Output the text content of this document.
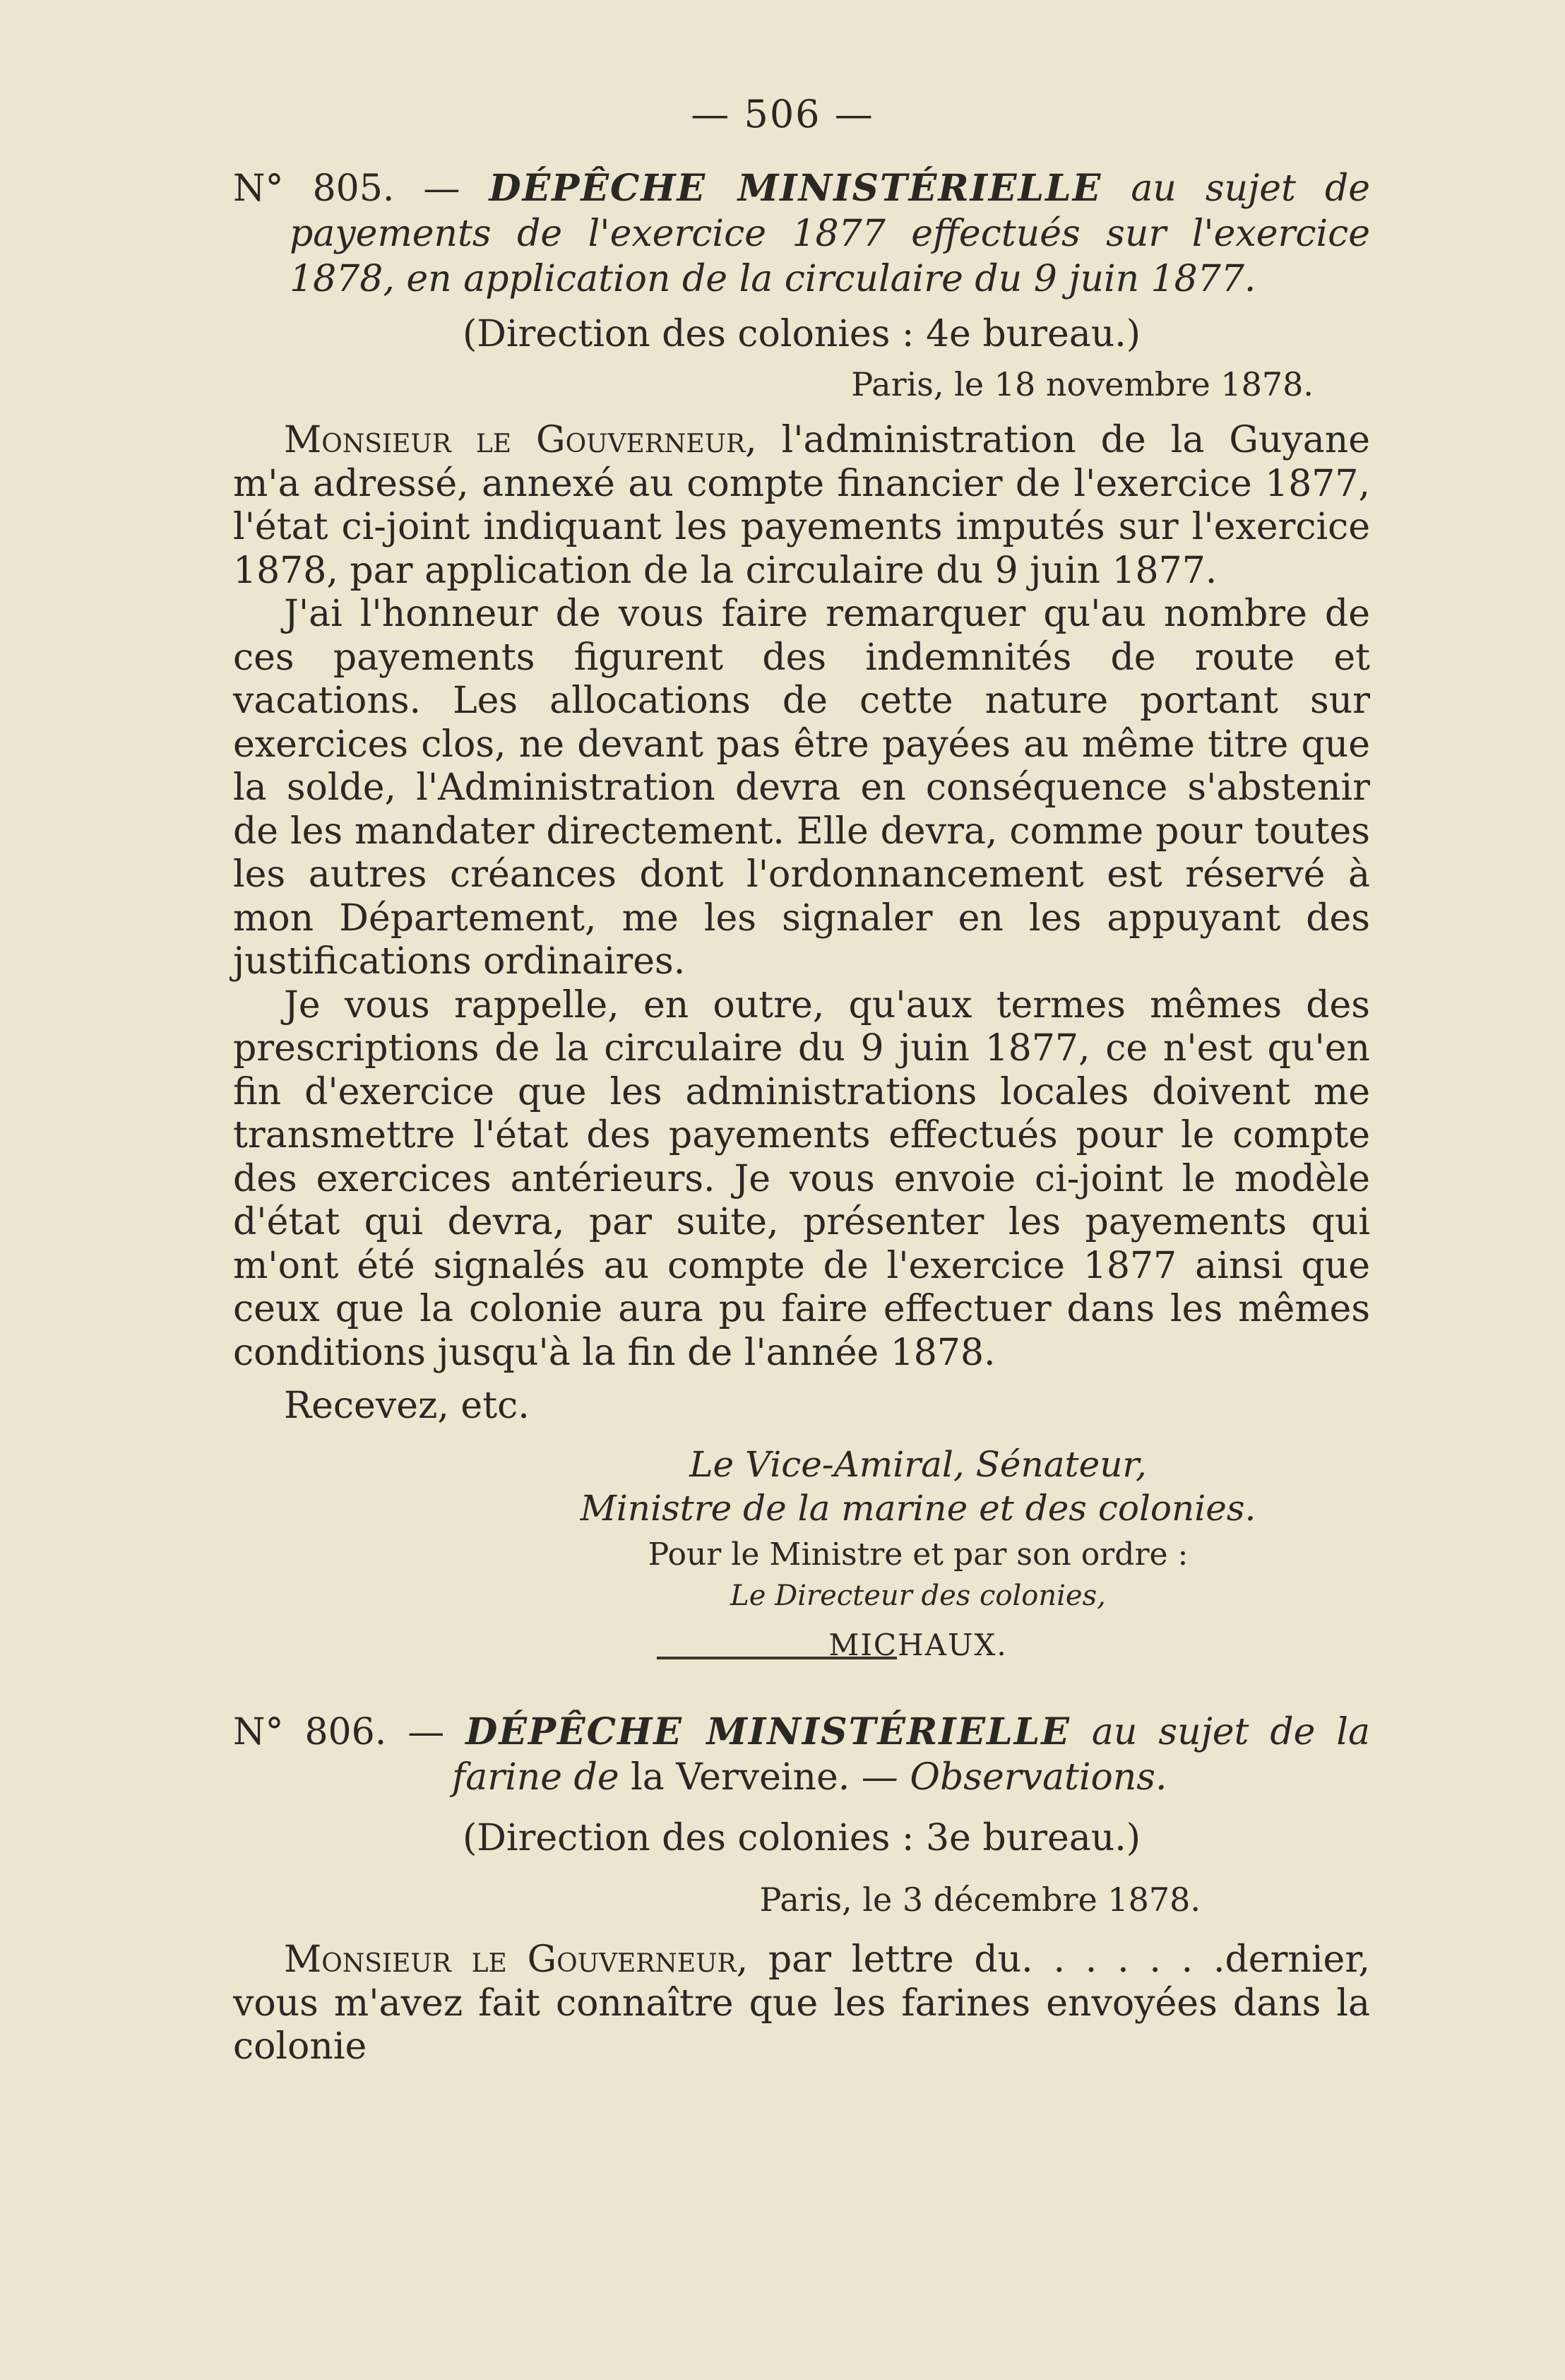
— 506 —
N° 805. — DÉPÊCHE MINISTÉRIELLE au sujet de payements de l'exercice 1877 effectués sur l'exercice 1878, en application de la circulaire du 9 juin 1877.
(Direction des colonies : 4e bureau.)
Paris, le 18 novembre 1878.

Monsieur le Gouverneur, l'administration de la Guyane m'a adressé, annexé au compte financier de l'exercice 1877, l'état ci-joint indiquant les payements imputés sur l'exercice 1878, par application de la circulaire du 9 juin 1877.

J'ai l'honneur de vous faire remarquer qu'au nombre de ces payements figurent des indemnités de route et vacations. Les allocations de cette nature portant sur exercices clos, ne devant pas être payées au même titre que la solde, l'Administration devra en conséquence s'abstenir de les mandater directement. Elle devra, comme pour toutes les autres créances dont l'ordonnancement est réservé à mon Département, me les signaler en les appuyant des justifications ordinaires.

Je vous rappelle, en outre, qu'aux termes mêmes des prescriptions de la circulaire du 9 juin 1877, ce n'est qu'en fin d'exercice que les administrations locales doivent me transmettre l'état des payements effectués pour le compte des exercices antérieurs. Je vous envoie ci-joint le modèle d'état qui devra, par suite, présenter les payements qui m'ont été signalés au compte de l'exercice 1877 ainsi que ceux que la colonie aura pu faire effectuer dans les mêmes conditions jusqu'à la fin de l'année 1878.

Recevez, etc.
Le Vice-Amiral, Sénateur,
Ministre de la marine et des colonies.
Pour le Ministre et par son ordre :
Le Directeur des colonies,
MICHAUX.
N° 806. — DÉPÊCHE MINISTÉRIELLE au sujet de la farine de la Verveine. — Observations.
(Direction des colonies : 3e bureau.)
Paris, le 3 décembre 1878.

Monsieur le Gouverneur, par lettre du. . . . . . .dernier, vous m'avez fait connaître que les farines envoyées dans la colonie
